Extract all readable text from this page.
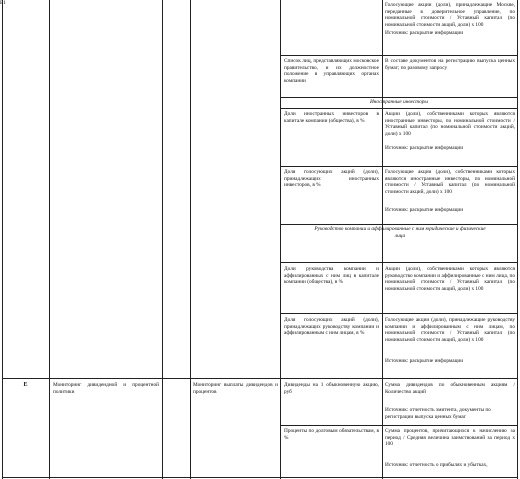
Голосующие акции (доли), принадлежащие Москве, переданные в доверительное управление, по номинальной стоимости / Уставный капитал (по номинальной стоимости акций, доли) х 100
Источник: раскрытие информации
Список лиц, представляющих московское правительство, и их должностное положение в управляющих органах компании
В составе документов на регистрацию выпуска ценных бумаг; по разовому запросу
Иностранные инвесторы
Доли иностранных инвесторов в капитале компании (общества), в %
Акции (доли), собственниками которых являются иностранные инвесторы, по номинальной стоимости / Уставный капитал (по номинальной стоимости акций, доли) х 100
Источник: раскрытие информации
Доля голосующих акций (доли), принадлежащих иностранных инвесторов, в %
Голосующие акции (доли), собственниками которых являются иностранные инвесторы, по номинальной стоимости / Уставный капитал (по номинальной стоимости акций, доли) х 100
Источник: раскрытие информации
Руководство компании и аффилированные с ним юридические и физические лица
Доли руководства компании и аффилированных с ним лиц в капитале компании (общества), в %
Акции (доли), собственниками которых являются руководство компании и аффилированные с ним лица, по номинальной стоимости / Уставный капитал (по номинальной стоимости акций, доли) х 100
Доля голосующих акций (доли), принадлежащих руководству компании и аффилированным с ним лицам, в %
Голосующие акции (доли), принадлежащие руководству компании и аффилированным с ним лицам, по номинальной стоимости / Уставный капитал (по номинальной стоимости акций, доли) х 100
Источник: раскрытие информации
Е	Мониторинг дивидендной и процентной политики
Е1
Мониторинг выплаты дивидендов и процентов
Дивиденды на 1 обыкновенную акцию, руб
Сумма дивидендов по обыкновенным акциям / Количество акций
Источник: отчетность эмитента, документы по регистрации выпуска ценных бумаг
Проценты по долговым обязательствам, в %
Сумма процентов, причитающихся к начислению за период / Средняя величина заимствований за период х 100
Источник: отчетность о прибылях и убытках,
